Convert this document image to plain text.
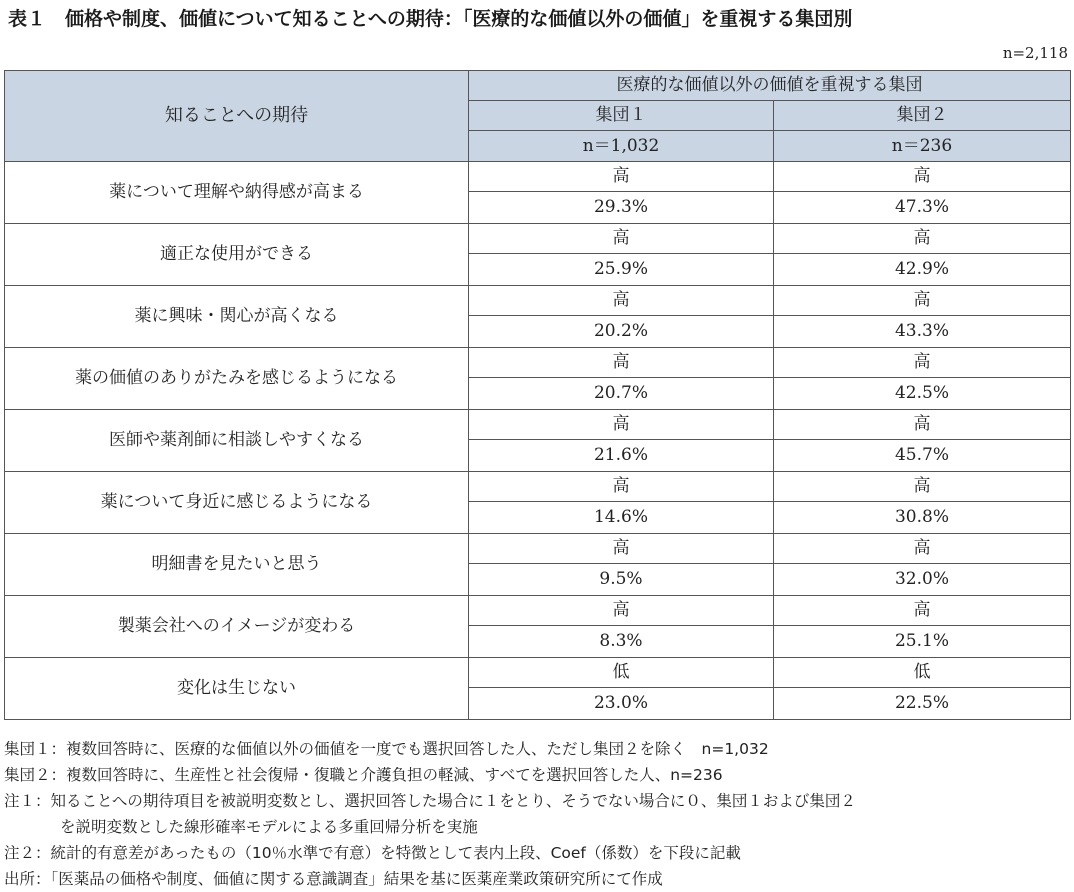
表１　価格や制度、価値について知ることへの期待：「医療的な価値以外の価値」を重視する集団別
n=2,118
知ることへの期待	医療的な価値以外の価値を重視する集団	
	集団１	集団２
	n＝1,032	n＝236
薬について理解や納得感が高まる	高	高
	29.3%	47.3%
適正な使用ができる	高	高
	25.9%	42.9%
薬に興味・関心が高くなる	高	高
	20.2%	43.3%
薬の価値のありがたみを感じるようになる	高	高
	20.7%	42.5%
医師や薬剤師に相談しやすくなる	高	高
	21.6%	45.7%
薬について身近に感じるようになる	高	高
	14.6%	30.8%
明細書を見たいと思う	高	高
	9.5%	32.0%
製薬会社へのイメージが変わる	高	高
	8.3%	25.1%
変化は生じない	低	低
	23.0%	22.5%
集団１：複数回答時に、医療的な価値以外の価値を一度でも選択回答した人、ただし集団２を除く　n=1,032
集団２：複数回答時に、生産性と社会復帰・復職と介護負担の軽減、すべてを選択回答した人、n=236
注１：知ることへの期待項目を被説明変数とし、選択回答した場合に１をとり、そうでない場合に０、集団１および集団２
を説明変数とした線形確率モデルによる多重回帰分析を実施
注２：統計的有意差があったもの（10％水準で有意）を特徴として表内上段、Coef（係数）を下段に記載
出所：「医薬品の価格や制度、価値に関する意識調査」結果を基に医薬産業政策研究所にて作成
